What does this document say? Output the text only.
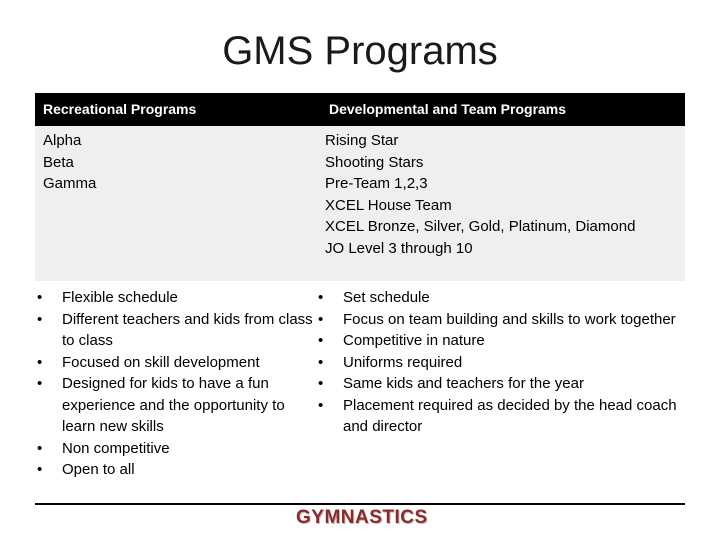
GMS Programs
Recreational Programs	Developmental and Team Programs
Alpha
Beta
Gamma
Rising Star
Shooting Stars
Pre-Team 1,2,3
XCEL House Team
XCEL Bronze, Silver, Gold, Platinum, Diamond
JO Level 3 through 10
• Flexible schedule
• Different teachers and kids from class to class
• Focused on skill development
• Designed for kids to have a fun experience and the opportunity to learn new skills
• Non competitive
• Open to all
• Set schedule
• Focus on team building and skills to work together
• Competitive in nature
• Uniforms required
• Same kids and teachers for the year
• Placement required as decided by the head coach and director
GYMNASTICS
